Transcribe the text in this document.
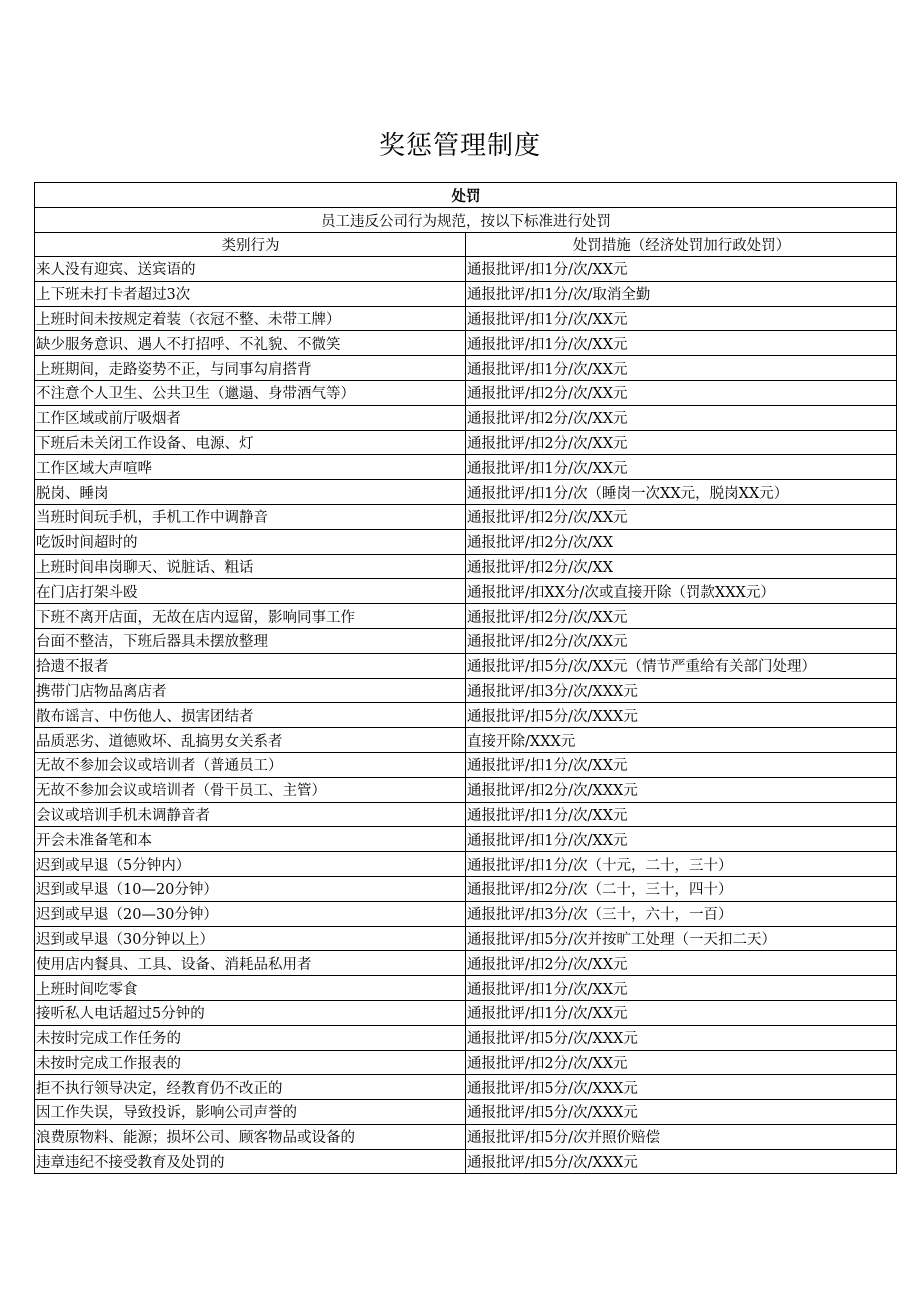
奖惩管理制度
处罚	
员工违反公司行为规范，按以下标准进行处罚	
类别行为	处罚措施（经济处罚加行政处罚）
来人没有迎宾、送宾语的	通报批评/扣1分/次/XX元
上下班未打卡者超过3次	通报批评/扣1分/次/取消全勤
上班时间未按规定着装（衣冠不整、未带工牌）	通报批评/扣1分/次/XX元
缺少服务意识、遇人不打招呼、不礼貌、不微笑	通报批评/扣1分/次/XX元
上班期间，走路姿势不正，与同事勾肩搭背	通报批评/扣1分/次/XX元
不注意个人卫生、公共卫生（邋遢、身带酒气等）	通报批评/扣2分/次/XX元
工作区域或前厅吸烟者	通报批评/扣2分/次/XX元
下班后未关闭工作设备、电源、灯	通报批评/扣2分/次/XX元
工作区域大声喧哗	通报批评/扣1分/次/XX元
脱岗、睡岗	通报批评/扣1分/次（睡岗一次XX元，脱岗XX元）
当班时间玩手机，手机工作中调静音	通报批评/扣2分/次/XX元
吃饭时间超时的	通报批评/扣2分/次/XX
上班时间串岗聊天、说脏话、粗话	通报批评/扣2分/次/XX
在门店打架斗殴	通报批评/扣XX分/次或直接开除（罚款XXX元）
下班不离开店面，无故在店内逗留，影响同事工作	通报批评/扣2分/次/XX元
台面不整洁，下班后器具未摆放整理	通报批评/扣2分/次/XX元
拾遗不报者	通报批评/扣5分/次/XX元（情节严重给有关部门处理）
携带门店物品离店者	通报批评/扣3分/次/XXX元
散布谣言、中伤他人、损害团结者	通报批评/扣5分/次/XXX元
品质恶劣、道德败坏、乱搞男女关系者	直接开除/XXX元
无故不参加会议或培训者（普通员工）	通报批评/扣1分/次/XX元
无故不参加会议或培训者（骨干员工、主管）	通报批评/扣2分/次/XXX元
会议或培训手机未调静音者	通报批评/扣1分/次/XX元
开会未准备笔和本	通报批评/扣1分/次/XX元
迟到或早退（5分钟内）	通报批评/扣1分/次（十元，二十，三十）
迟到或早退（10—20分钟）	通报批评/扣2分/次（二十，三十，四十）
迟到或早退（20—30分钟）	通报批评/扣3分/次（三十，六十，一百）
迟到或早退（30分钟以上）	通报批评/扣5分/次并按旷工处理（一天扣二天）
使用店内餐具、工具、设备、消耗品私用者	通报批评/扣2分/次/XX元
上班时间吃零食	通报批评/扣1分/次/XX元
接听私人电话超过5分钟的	通报批评/扣1分/次/XX元
未按时完成工作任务的	通报批评/扣5分/次/XXX元
未按时完成工作报表的	通报批评/扣2分/次/XX元
拒不执行领导决定，经教育仍不改正的	通报批评/扣5分/次/XXX元
因工作失误，导致投诉，影响公司声誉的	通报批评/扣5分/次/XXX元
浪费原物料、能源；损坏公司、顾客物品或设备的	通报批评/扣5分/次并照价赔偿
违章违纪不接受教育及处罚的	通报批评/扣5分/次/XXX元
